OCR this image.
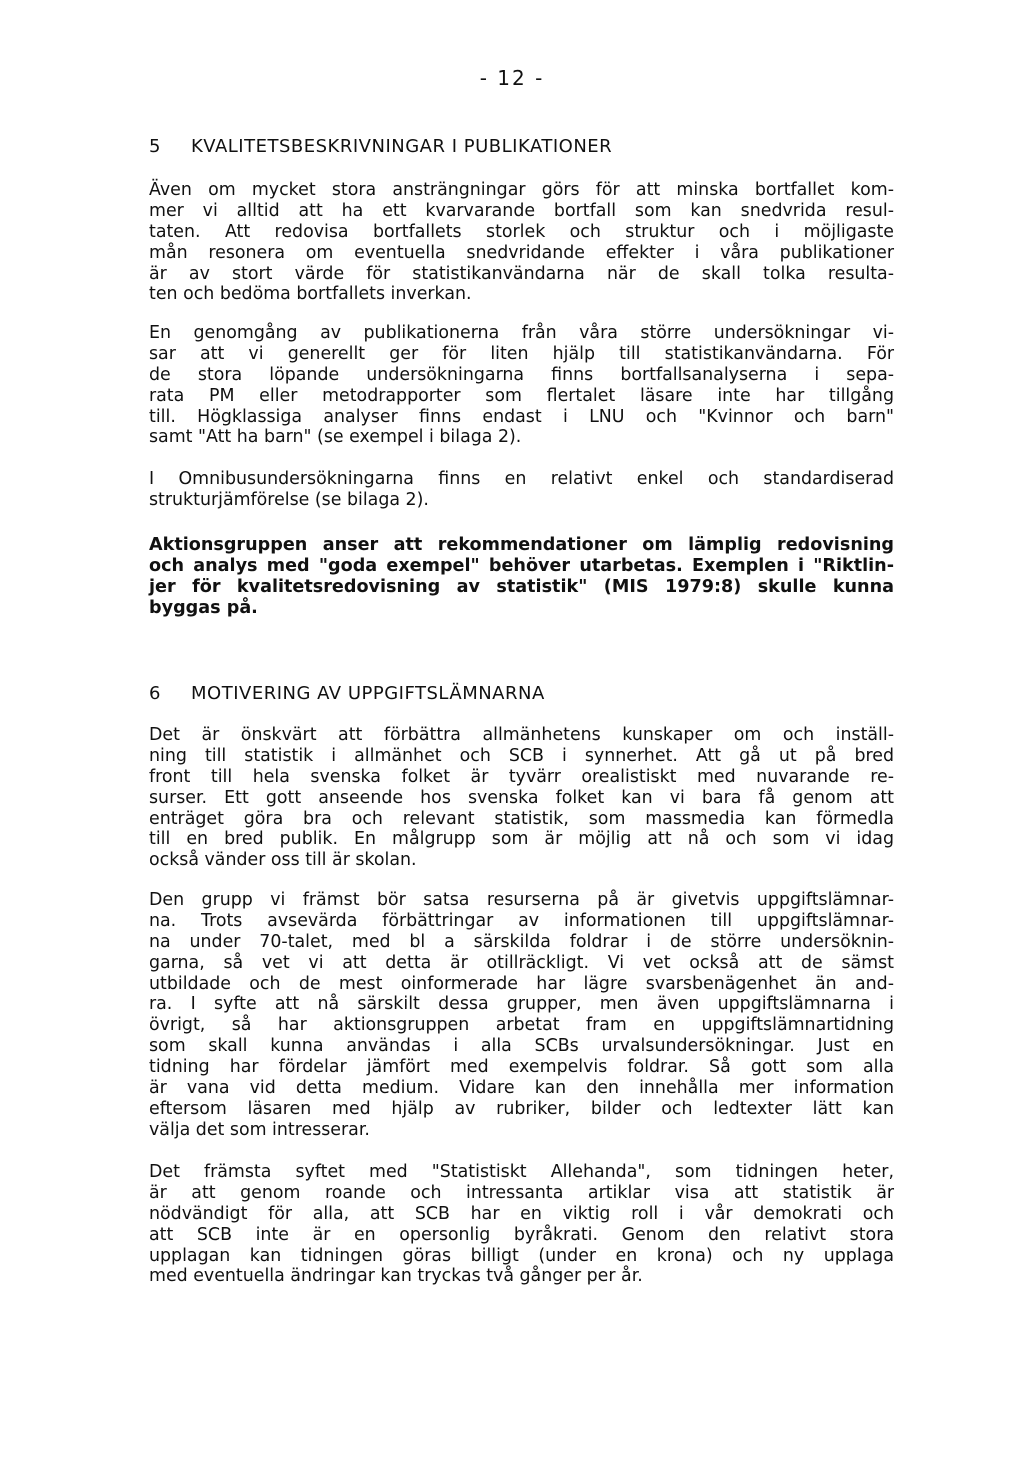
- 12 -
5 KVALITETSBESKRIVNINGAR I PUBLIKATIONER
Även om mycket stora ansträngningar görs för att minska bortfallet kom-
mer vi alltid att ha ett kvarvarande bortfall som kan snedvrida resul-
taten. Att redovisa bortfallets storlek och struktur och i möjligaste
mån resonera om eventuella snedvridande effekter i våra publikationer
är av stort värde för statistikanvändarna när de skall tolka resulta-
ten och bedöma bortfallets inverkan.
En genomgång av publikationerna från våra större undersökningar vi-
sar att vi generellt ger för liten hjälp till statistikanvändarna. För
de stora löpande undersökningarna finns bortfallsanalyserna i sepa-
rata PM eller metodrapporter som flertalet läsare inte har tillgång
till. Högklassiga analyser finns endast i LNU och "Kvinnor och barn"
samt "Att ha barn" (se exempel i bilaga 2).
I Omnibusundersökningarna finns en relativt enkel och standardiserad
strukturjämförelse (se bilaga 2).
Aktionsgruppen anser att rekommendationer om lämplig redovisning
och analys med "goda exempel" behöver utarbetas. Exemplen i "Riktlin-
jer för kvalitetsredovisning av statistik" (MIS 1979:8) skulle kunna
byggas på.
6 MOTIVERING AV UPPGIFTSLÄMNARNA
Det är önskvärt att förbättra allmänhetens kunskaper om och inställ-
ning till statistik i allmänhet och SCB i synnerhet. Att gå ut på bred
front till hela svenska folket är tyvärr orealistiskt med nuvarande re-
surser. Ett gott anseende hos svenska folket kan vi bara få genom att
enträget göra bra och relevant statistik, som massmedia kan förmedla
till en bred publik. En målgrupp som är möjlig att nå och som vi idag
också vänder oss till är skolan.
Den grupp vi främst bör satsa resurserna på är givetvis uppgiftslämnar-
na. Trots avsevärda förbättringar av informationen till uppgiftslämnar-
na under 70-talet, med bl a särskilda foldrar i de större undersöknin-
garna, så vet vi att detta är otillräckligt. Vi vet också att de sämst
utbildade och de mest oinformerade har lägre svarsbenägenhet än and-
ra. I syfte att nå särskilt dessa grupper, men även uppgiftslämnarna i
övrigt, så har aktionsgruppen arbetat fram en uppgiftslämnartidning
som skall kunna användas i alla SCBs urvalsundersökningar. Just en
tidning har fördelar jämfört med exempelvis foldrar. Så gott som alla
är vana vid detta medium. Vidare kan den innehålla mer information
eftersom läsaren med hjälp av rubriker, bilder och ledtexter lätt kan
välja det som intresserar.
Det främsta syftet med "Statistiskt Allehanda", som tidningen heter,
är att genom roande och intressanta artiklar visa att statistik är
nödvändigt för alla, att SCB har en viktig roll i vår demokrati och
att SCB inte är en opersonlig byråkrati. Genom den relativt stora
upplagan kan tidningen göras billigt (under en krona) och ny upplaga
med eventuella ändringar kan tryckas två gånger per år.
